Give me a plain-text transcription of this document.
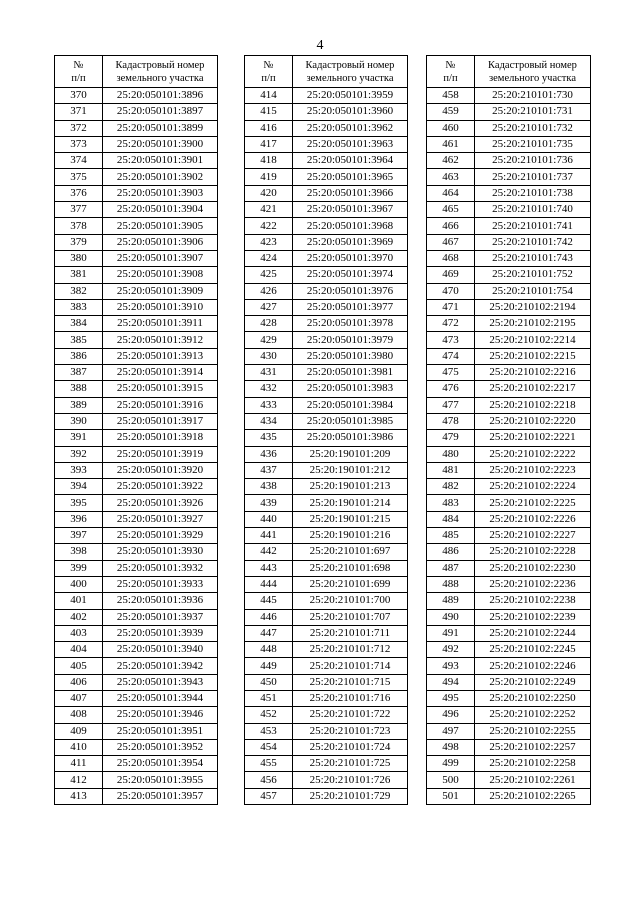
4
№
п/п	Кадастровый номер
земельного участка
370	25:20:050101:3896
371	25:20:050101:3897
372	25:20:050101:3899
373	25:20:050101:3900
374	25:20:050101:3901
375	25:20:050101:3902
376	25:20:050101:3903
377	25:20:050101:3904
378	25:20:050101:3905
379	25:20:050101:3906
380	25:20:050101:3907
381	25:20:050101:3908
382	25:20:050101:3909
383	25:20:050101:3910
384	25:20:050101:3911
385	25:20:050101:3912
386	25:20:050101:3913
387	25:20:050101:3914
388	25:20:050101:3915
389	25:20:050101:3916
390	25:20:050101:3917
391	25:20:050101:3918
392	25:20:050101:3919
393	25:20:050101:3920
394	25:20:050101:3922
395	25:20:050101:3926
396	25:20:050101:3927
397	25:20:050101:3929
398	25:20:050101:3930
399	25:20:050101:3932
400	25:20:050101:3933
401	25:20:050101:3936
402	25:20:050101:3937
403	25:20:050101:3939
404	25:20:050101:3940
405	25:20:050101:3942
406	25:20:050101:3943
407	25:20:050101:3944
408	25:20:050101:3946
409	25:20:050101:3951
410	25:20:050101:3952
411	25:20:050101:3954
412	25:20:050101:3955
413	25:20:050101:3957
№
п/п	Кадастровый номер
земельного участка
414	25:20:050101:3959
415	25:20:050101:3960
416	25:20:050101:3962
417	25:20:050101:3963
418	25:20:050101:3964
419	25:20:050101:3965
420	25:20:050101:3966
421	25:20:050101:3967
422	25:20:050101:3968
423	25:20:050101:3969
424	25:20:050101:3970
425	25:20:050101:3974
426	25:20:050101:3976
427	25:20:050101:3977
428	25:20:050101:3978
429	25:20:050101:3979
430	25:20:050101:3980
431	25:20:050101:3981
432	25:20:050101:3983
433	25:20:050101:3984
434	25:20:050101:3985
435	25:20:050101:3986
436	25:20:190101:209
437	25:20:190101:212
438	25:20:190101:213
439	25:20:190101:214
440	25:20:190101:215
441	25:20:190101:216
442	25:20:210101:697
443	25:20:210101:698
444	25:20:210101:699
445	25:20:210101:700
446	25:20:210101:707
447	25:20:210101:711
448	25:20:210101:712
449	25:20:210101:714
450	25:20:210101:715
451	25:20:210101:716
452	25:20:210101:722
453	25:20:210101:723
454	25:20:210101:724
455	25:20:210101:725
456	25:20:210101:726
457	25:20:210101:729
№
п/п	Кадастровый номер
земельного участка
458	25:20:210101:730
459	25:20:210101:731
460	25:20:210101:732
461	25:20:210101:735
462	25:20:210101:736
463	25:20:210101:737
464	25:20:210101:738
465	25:20:210101:740
466	25:20:210101:741
467	25:20:210101:742
468	25:20:210101:743
469	25:20:210101:752
470	25:20:210101:754
471	25:20:210102:2194
472	25:20:210102:2195
473	25:20:210102:2214
474	25:20:210102:2215
475	25:20:210102:2216
476	25:20:210102:2217
477	25:20:210102:2218
478	25:20:210102:2220
479	25:20:210102:2221
480	25:20:210102:2222
481	25:20:210102:2223
482	25:20:210102:2224
483	25:20:210102:2225
484	25:20:210102:2226
485	25:20:210102:2227
486	25:20:210102:2228
487	25:20:210102:2230
488	25:20:210102:2236
489	25:20:210102:2238
490	25:20:210102:2239
491	25:20:210102:2244
492	25:20:210102:2245
493	25:20:210102:2246
494	25:20:210102:2249
495	25:20:210102:2250
496	25:20:210102:2252
497	25:20:210102:2255
498	25:20:210102:2257
499	25:20:210102:2258
500	25:20:210102:2261
501	25:20:210102:2265
